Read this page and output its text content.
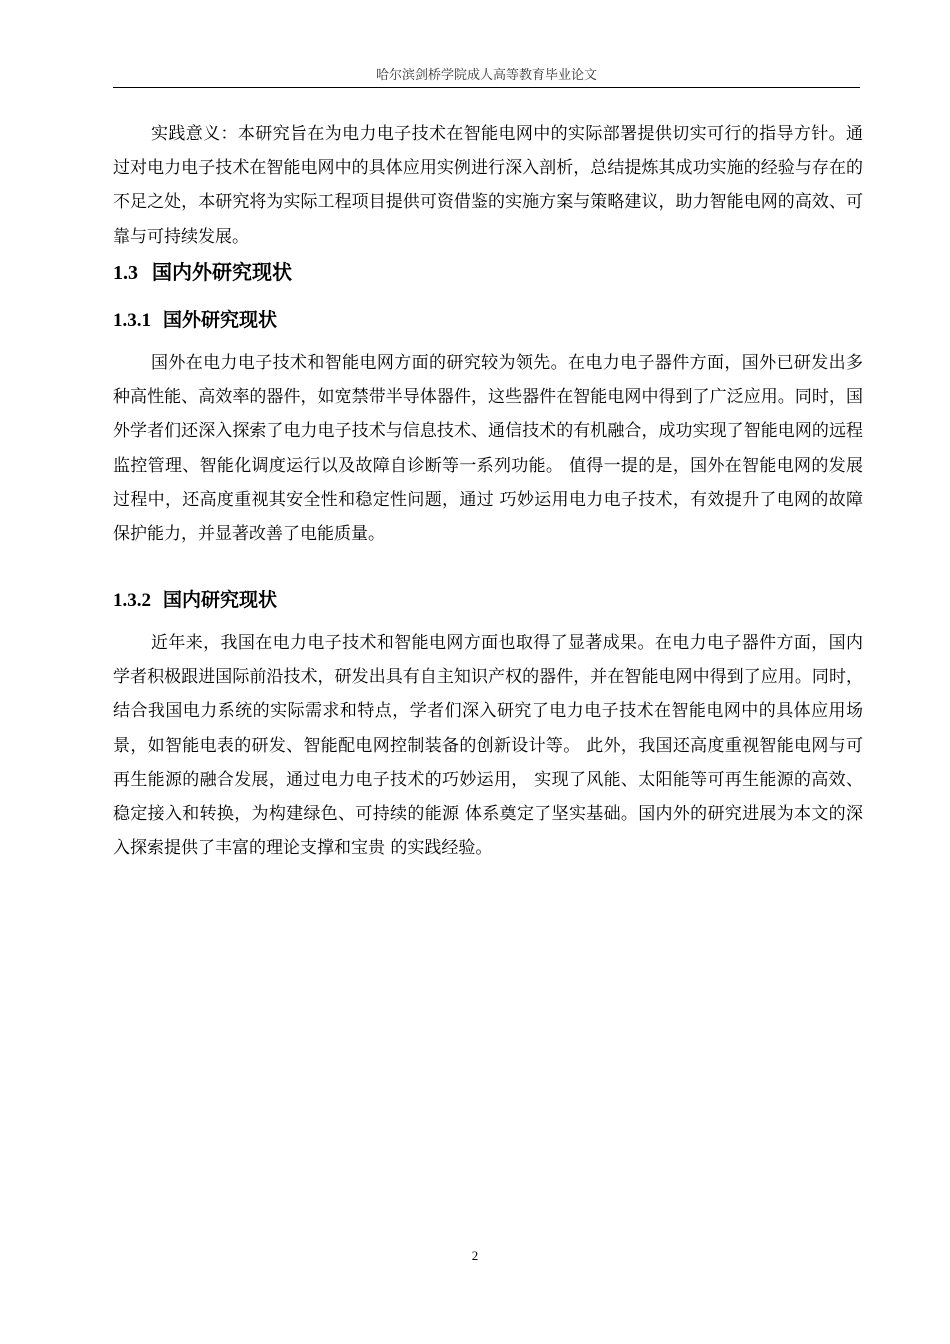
哈尔滨剑桥学院成人高等教育毕业论文

实践意义：本研究旨在为电力电子技术在智能电网中的实际部署提供切实可行的指导方针。通过对电力电子技术在智能电网中的具体应用实例进行深入剖析，总结提炼其成功实施的经验与存在的不足之处，本研究将为实际工程项目提供可资借鉴的实施方案与策略建议，助力智能电网的高效、可靠与可持续发展。

1.3 国内外研究现状
1.3.1 国外研究现状

国外在电力电子技术和智能电网方面的研究较为领先。在电力电子器件方面，国外已研发出多种高性能、高效率的器件，如宽禁带半导体器件，这些器件在智能电网中得到了广泛应用。同时，国外学者们还深入探索了电力电子技术与信息技术、通信技术的有机融合，成功实现了智能电网的远程监控管理、智能化调度运行以及故障自诊断等一系列功能。 值得一提的是，国外在智能电网的发展过程中，还高度重视其安全性和稳定性问题，通过 巧妙运用电力电子技术，有效提升了电网的故障保护能力，并显著改善了电能质量。

1.3.2 国内研究现状

近年来，我国在电力电子技术和智能电网方面也取得了显著成果。在电力电子器件方面，国内学者积极跟进国际前沿技术，研发出具有自主知识产权的器件，并在智能电网中得到了应用。同时，结合我国电力系统的实际需求和特点，学者们深入研究了电力电子技术在智能电网中的具体应用场景，如智能电表的研发、智能配电网控制装备的创新设计等。 此外，我国还高度重视智能电网与可再生能源的融合发展，通过电力电子技术的巧妙运用， 实现了风能、太阳能等可再生能源的高效、稳定接入和转换，为构建绿色、可持续的能源 体系奠定了坚实基础。国内外的研究进展为本文的深入探索提供了丰富的理论支撑和宝贵 的实践经验。

2
